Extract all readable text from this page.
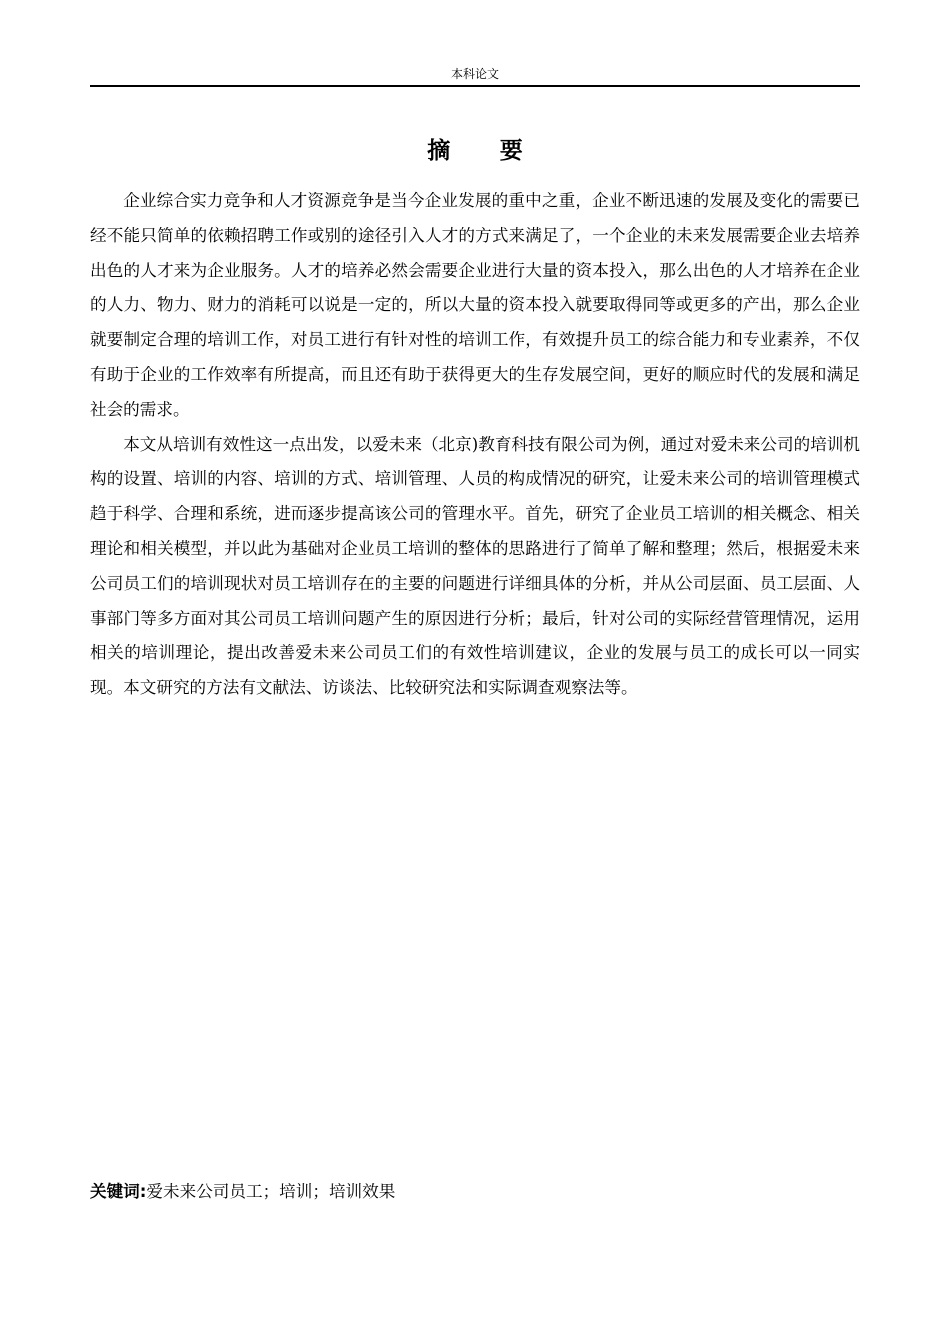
本科论文
摘 要

企业综合实力竞争和人才资源竞争是当今企业发展的重中之重，企业不断迅速的发展及变化的需要已经不能只简单的依赖招聘工作或别的途径引入人才的方式来满足了，一个企业的未来发展需要企业去培养出色的人才来为企业服务。人才的培养必然会需要企业进行大量的资本投入，那么出色的人才培养在企业的人力、物力、财力的消耗可以说是一定的，所以大量的资本投入就要取得同等或更多的产出，那么企业就要制定合理的培训工作，对员工进行有针对性的培训工作，有效提升员工的综合能力和专业素养，不仅有助于企业的工作效率有所提高，而且还有助于获得更大的生存发展空间，更好的顺应时代的发展和满足社会的需求。

本文从培训有效性这一点出发，以爱未来（北京)教育科技有限公司为例，通过对爱未来公司的培训机构的设置、培训的内容、培训的方式、培训管理、人员的构成情况的研究，让爱未来公司的培训管理模式趋于科学、合理和系统，进而逐步提高该公司的管理水平。首先，研究了企业员工培训的相关概念、相关理论和相关模型，并以此为基础对企业员工培训的整体的思路进行了简单了解和整理；然后，根据爱未来公司员工们的培训现状对员工培训存在的主要的问题进行详细具体的分析，并从公司层面、员工层面、人事部门等多方面对其公司员工培训问题产生的原因进行分析；最后，针对公司的实际经营管理情况，运用相关的培训理论，提出改善爱未来公司员工们的有效性培训建议，企业的发展与员工的成长可以一同实现。本文研究的方法有文献法、访谈法、比较研究法和实际调查观察法等。

关键词:爱未来公司员工；培训；培训效果
